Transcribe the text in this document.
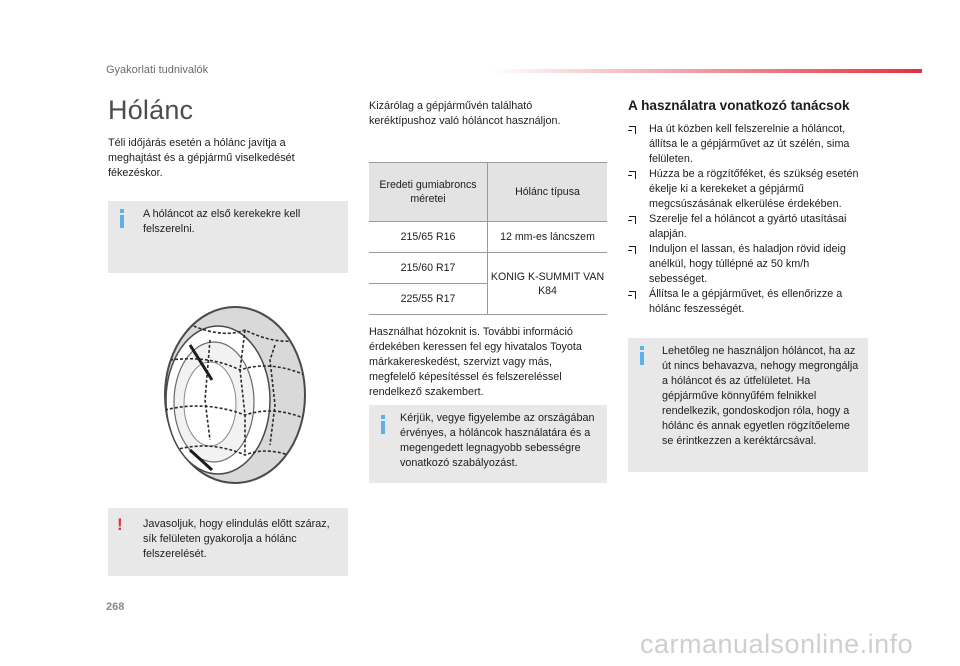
Gyakorlati tudnivalók
Hólánc
Téli időjárás esetén a hólánc javítja a meghajtást és a gépjármű viselkedését fékezéskor.
A hóláncot az első kerekekre kell felszerelni.
! Javasoljuk, hogy elindulás előtt száraz, sík felületen gyakorolja a hólánc felszerelését.
Kizárólag a gépjárművén található keréktípushoz való hóláncot használjon.
Eredeti gumiabroncs méretei	Hólánc típusa
215/65 R16	12 mm-es láncszem
215/60 R17	KONIG K-SUMMIT VAN K84
225/55 R17	
Használhat hózoknit is. További információ érdekében keressen fel egy hivatalos Toyota márkakereskedést, szervizt vagy más, megfelelő képesítéssel és felszereléssel rendelkező szakembert.
Kérjük, vegye figyelembe az országában érvényes, a hóláncok használatára és a megengedett legnagyobb sebességre vonatkozó szabályozást.
A használatra vonatkozó tanácsok
Ha út közben kell felszerelnie a hóláncot, állítsa le a gépjárművet az út szélén, sima felületen.
Húzza be a rögzítőféket, és szükség esetén ékelje ki a kerekeket a gépjármű megcsúszásának elkerülése érdekében.
Szerelje fel a hóláncot a gyártó utasításai alapján.
Induljon el lassan, és haladjon rövid ideig anélkül, hogy túllépné az 50 km/h sebességet.
Állítsa le a gépjárművet, és ellenőrizze a hólánc feszességét.
Lehetőleg ne használjon hóláncot, ha az út nincs behavazva, nehogy megrongálja a hóláncot és az útfelületet. Ha gépjárműve könnyűfém felnikkel rendelkezik, gondoskodjon róla, hogy a hólánc és annak egyetlen rögzítőeleme se érintkezzen a keréktárcsával.
268
carmanualsonline.info
